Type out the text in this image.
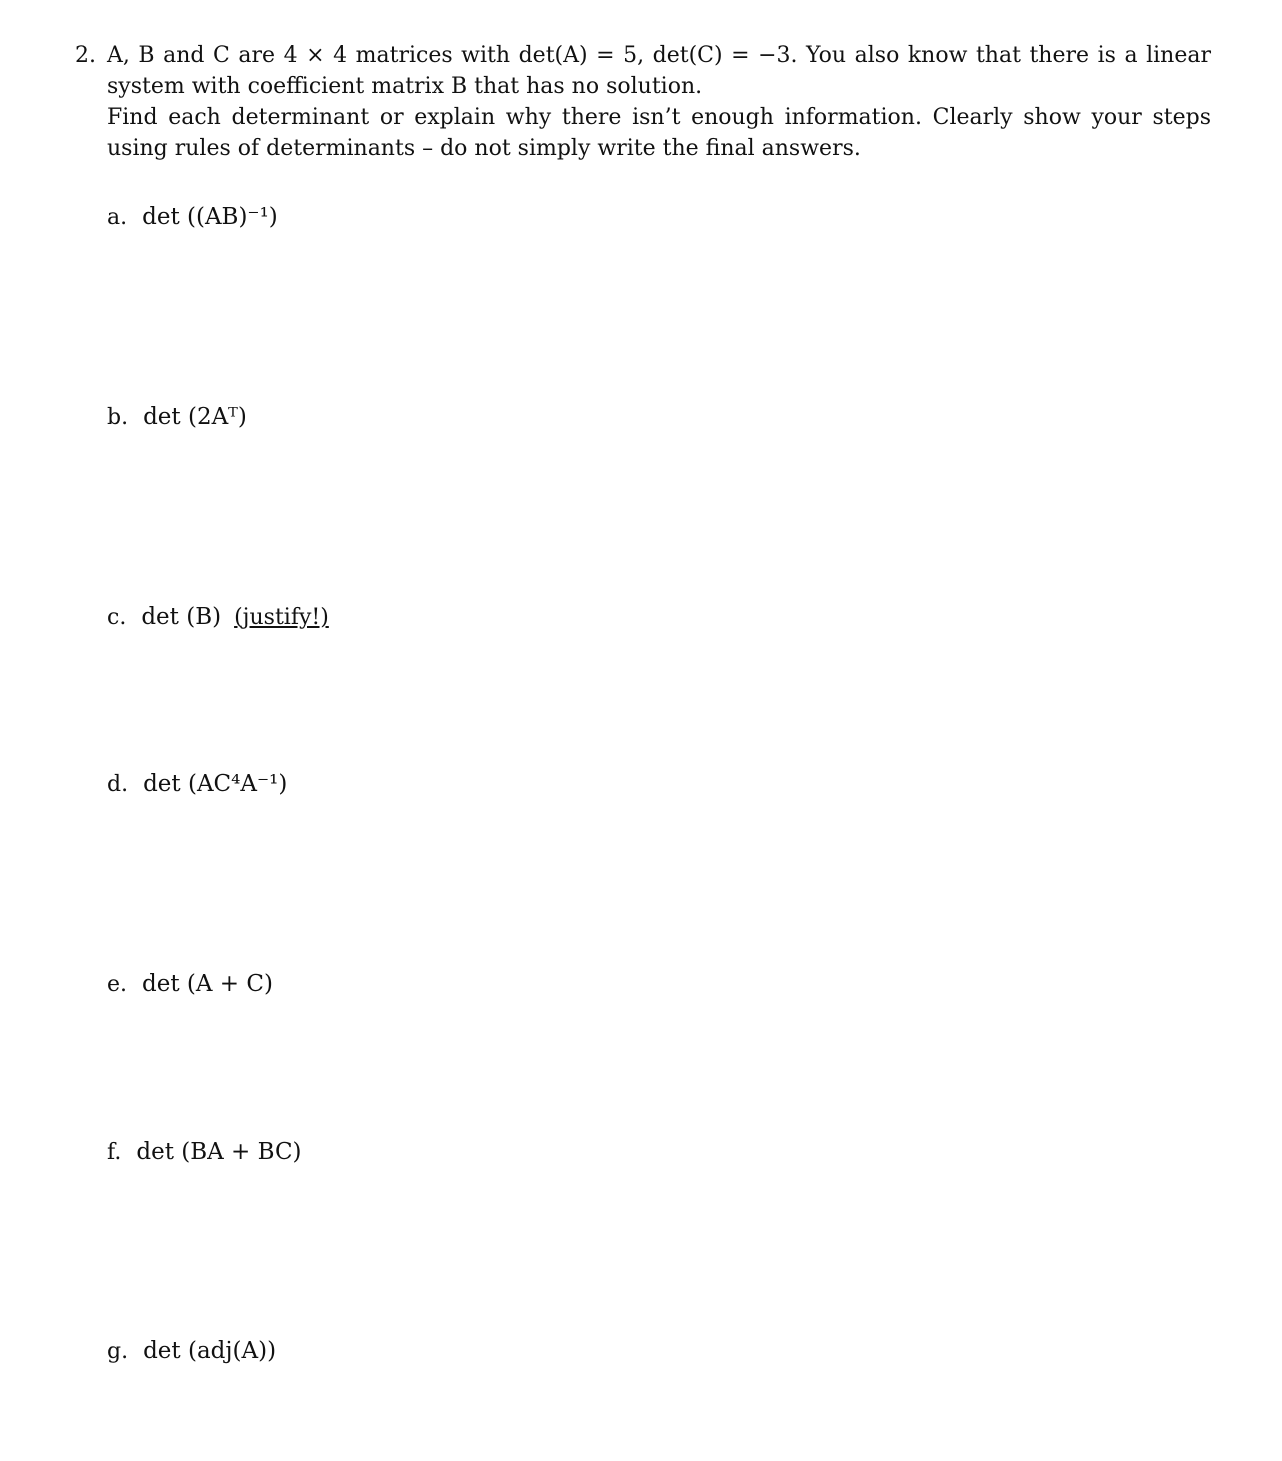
2. A, B and C are 4 × 4 matrices with det(A) = 5, det(C) = −3. You also know that there is a linear system with coefficient matrix B that has no solution.

Find each determinant or explain why there isn’t enough information. Clearly show your steps using rules of determinants – do not simply write the final answers.

a. det ((AB)⁻¹)
b. det (2Aᵀ)
c. det (B) (justify!)
d. det (AC⁴A⁻¹)
e. det (A + C)
f. det (BA + BC)
g. det (adj(A))
